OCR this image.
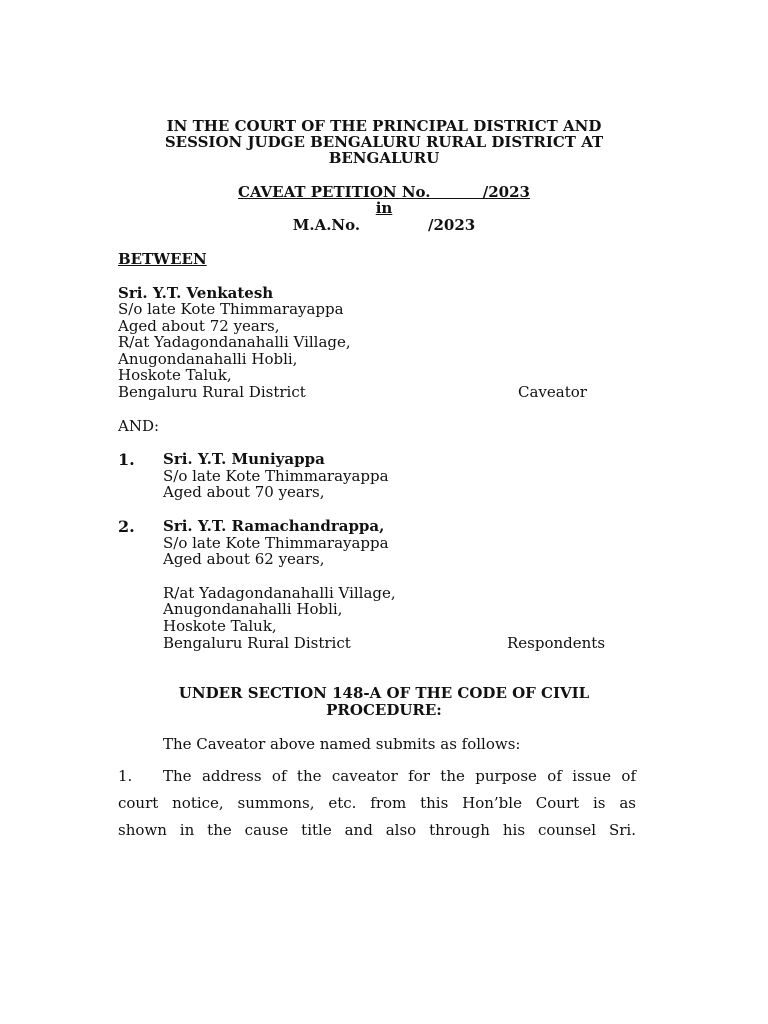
IN THE COURT OF THE PRINCIPAL DISTRICT AND
SESSION JUDGE BENGALURU RURAL DISTRICT AT
BENGALURU
CAVEAT PETITION No.          /2023
in
M.A.No.             /2023
BETWEEN
Sri. Y.T. Venkatesh
S/o late Kote Thimmarayappa
Aged about 72 years,
R/at Yadagondanahalli Village,
Anugondanahalli Hobli,
Hoskote Taluk,
Bengaluru Rural District	Caveator
AND:
1. Sri. Y.T. Muniyappa
S/o late Kote Thimmarayappa
Aged about 70 years,
2. Sri. Y.T. Ramachandrappa,
S/o late Kote Thimmarayappa
Aged about 62 years,
R/at Yadagondanahalli Village,
Anugondanahalli Hobli,
Hoskote Taluk,
Bengaluru Rural District	Respondents
UNDER SECTION 148-A OF THE CODE OF CIVIL
PROCEDURE:
The Caveator above named submits as follows:
1.	The address of the caveator for the purpose of issue of
court notice, summons, etc. from this Hon’ble Court is as
shown in the cause title and also through his counsel Sri.
